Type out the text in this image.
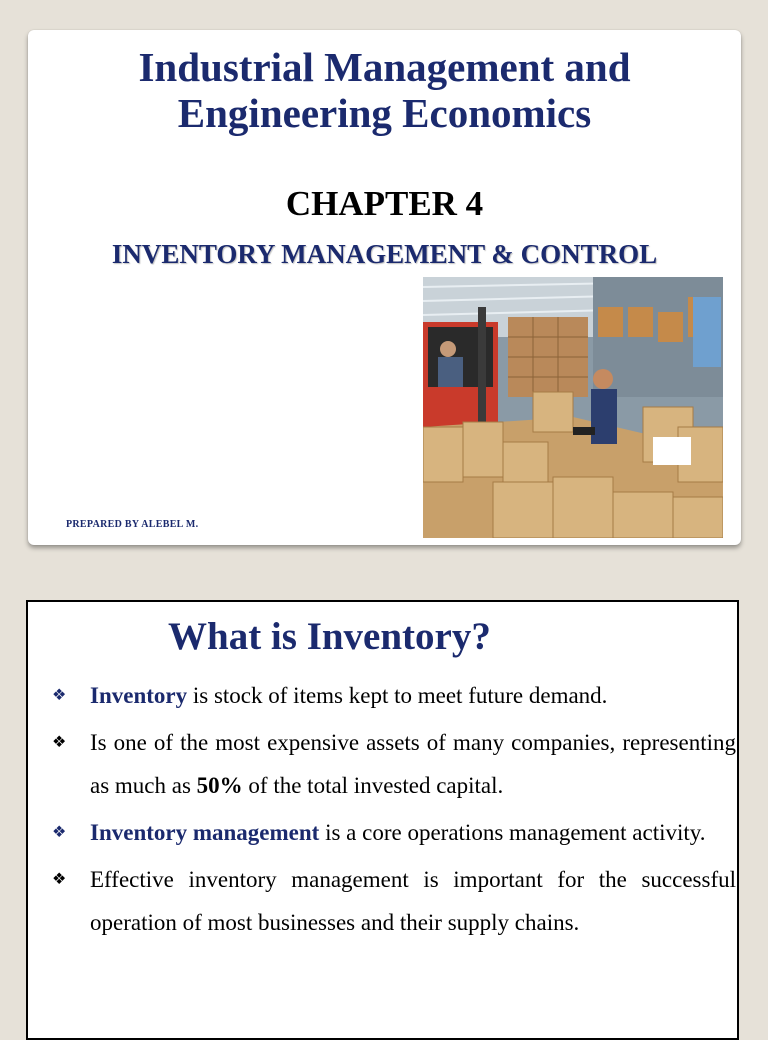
Industrial Management and
Engineering Economics
CHAPTER 4
INVENTORY MANAGEMENT & CONTROL
PREPARED BY ALEBEL M.
What is Inventory?
❖ Inventory is stock of items kept to meet future demand.
❖ Is one of the most expensive assets of many companies, representing as much as 50% of the total invested capital.
❖ Inventory management is a core operations management activity.
❖ Effective inventory management is important for the successful operation of most businesses and their supply chains.
